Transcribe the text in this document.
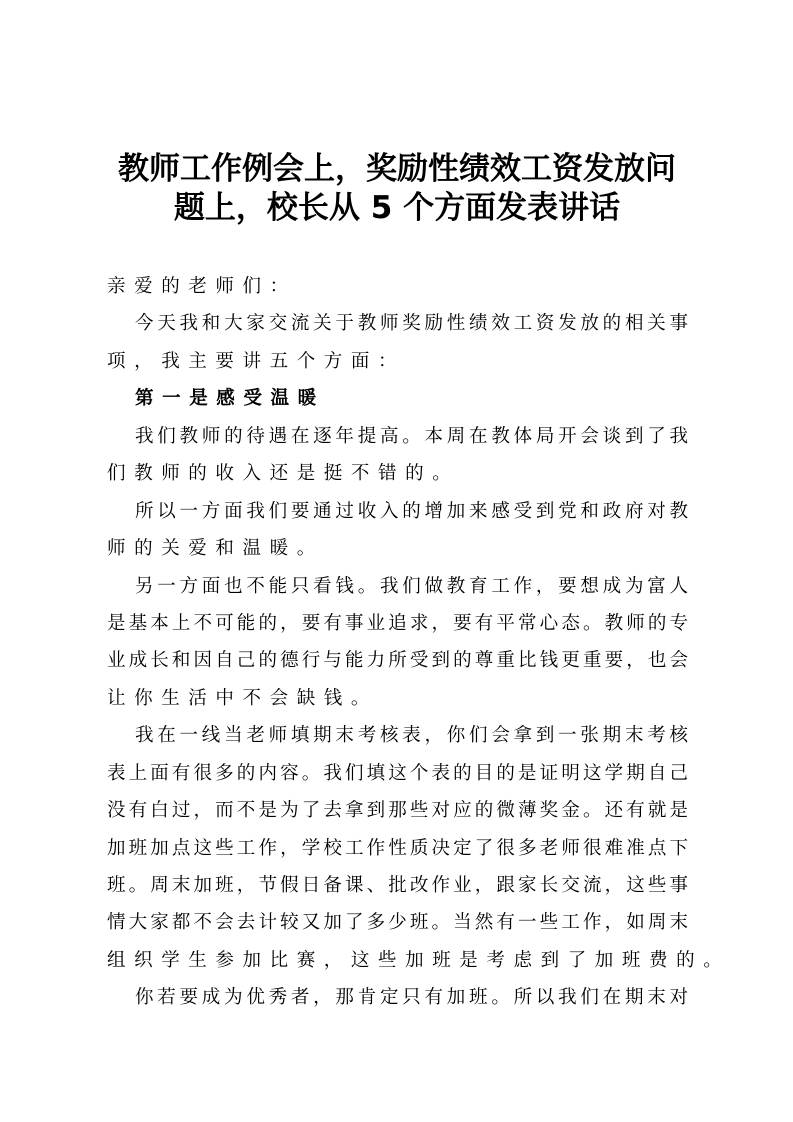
教师工作例会上，奖励性绩效工资发放问
题上，校长从 5 个方面发表讲话
亲爱的老师们：
今天我和大家交流关于教师奖励性绩效工资发放的相关事
项，我主要讲五个方面：
第一是感受温暖
我们教师的待遇在逐年提高。本周在教体局开会谈到了我
们教师的收入还是挺不错的。
所以一方面我们要通过收入的增加来感受到党和政府对教
师的关爱和温暖。
另一方面也不能只看钱。我们做教育工作，要想成为富人
是基本上不可能的，要有事业追求，要有平常心态。教师的专
业成长和因自己的德行与能力所受到的尊重比钱更重要，也会
让你生活中不会缺钱。
我在一线当老师填期末考核表，你们会拿到一张期末考核
表上面有很多的内容。我们填这个表的目的是证明这学期自己
没有白过，而不是为了去拿到那些对应的微薄奖金。还有就是
加班加点这些工作，学校工作性质决定了很多老师很难准点下
班。周末加班，节假日备课、批改作业，跟家长交流，这些事
情大家都不会去计较又加了多少班。当然有一些工作，如周末
组织学生参加比赛，这些加班是考虑到了加班费的。
你若要成为优秀者，那肯定只有加班。所以我们在期末对
